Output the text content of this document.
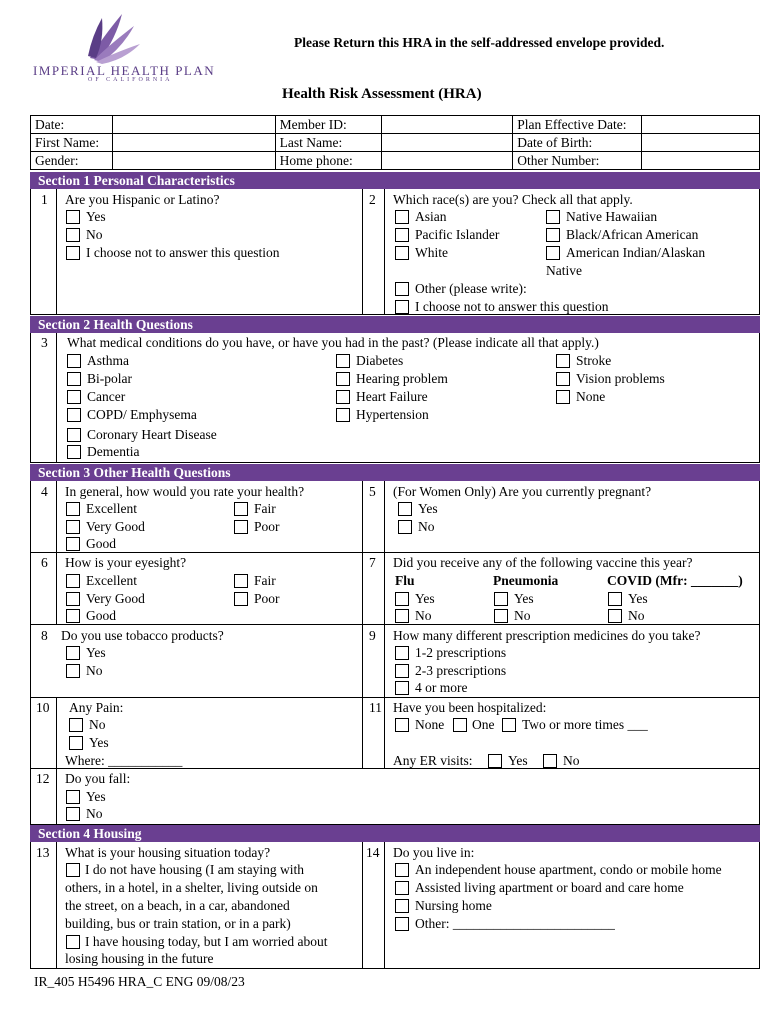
IMPERIAL HEALTH PLAN
OF CALIFORNIA
Please Return this HRA in the self-addressed envelope provided.
Health Risk Assessment (HRA)
Date:		Member ID:		Plan Effective Date:	
First Name:		Last Name:		Date of Birth:	
Gender:		Home phone:		Other Number:	
Section 1 Personal Characteristics
1 Are you Hispanic or Latino?
Yes
No
I choose not to answer this question
2 Which race(s) are you? Check all that apply.
Asian	Native Hawaiian
Pacific Islander	Black/African American
White	American Indian/Alaskan
Native
Other (please write):
I choose not to answer this question
Section 2 Health Questions
3 What medical conditions do you have, or have you had in the past? (Please indicate all that apply.)
Asthma
Bi-polar
Cancer
COPD/ Emphysema
Coronary Heart Disease
Dementia
Diabetes
Hearing problem
Heart Failure
Hypertension
Stroke
Vision problems
None
Section 3 Other Health Questions
4 In general, how would you rate your health?
Excellent	Fair
Very Good	Poor
Good
5 (For Women Only) Are you currently pregnant?
Yes
No
6 How is your eyesight?
Excellent	Fair
Very Good	Poor
Good
7 Did you receive any of the following vaccine this year?
Flu	Pneumonia	COVID (Mfr: _______)
Yes	Yes	Yes
No	No	No
8 Do you use tobacco products?
Yes
No
9 How many different prescription medicines do you take?
1-2 prescriptions
2-3 prescriptions
4 or more
10 Any Pain:
No
Yes
Where: ___________
11 Have you been hospitalized:
None One Two or more times ___
Any ER visits:	Yes	No
12 Do you fall:
Yes
No
Section 4 Housing
13 What is your housing situation today?
I do not have housing (I am staying with
others, in a hotel, in a shelter, living outside on
the street, on a beach, in a car, abandoned
building, bus or train station, or in a park)
I have housing today, but I am worried about
losing housing in the future
14 Do you live in:
An independent house apartment, condo or mobile home
Assisted living apartment or board and care home
Nursing home
Other: ________________________
IR_405 H5496 HRA_C ENG 09/08/23
